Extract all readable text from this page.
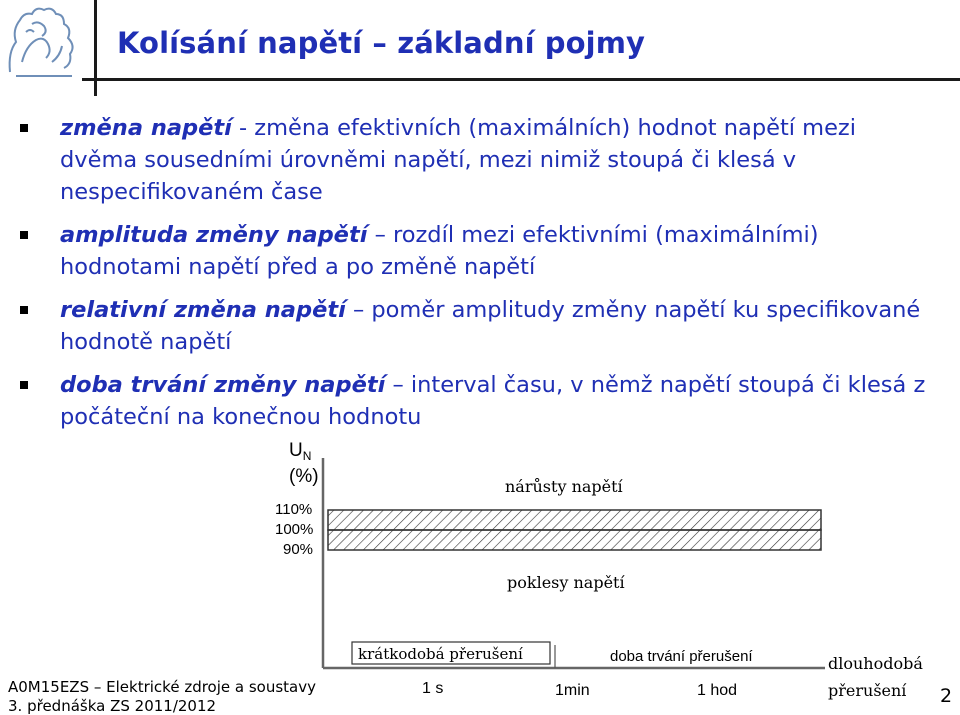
Kolísání napětí – základní pojmy
změna napětí - změna efektivních (maximálních) hodnot napětí mezi dvěma sousedními úrovněmi napětí, mezi nimiž stoupá či klesá v nespecifikovaném čase
amplituda změny napětí – rozdíl mezi efektivními (maximálními) hodnotami napětí před a po změně napětí
relativní změna napětí – poměr amplitudy změny napětí ku specifikované hodnotě napětí
doba trvání změny napětí – interval času, v němž napětí stoupá či klesá z počáteční na konečnou hodnotu
$U_N$
(%)
110%
100%
90%
nárůsty napětí
poklesy napětí
krátkodobá přerušení	doba trvání přerušení	dlouhodobá
přerušení
1 s	1min	1 hod
A0M15EZS – Elektrické zdroje a soustavy
3. přednáška ZS 2011/2012	2
